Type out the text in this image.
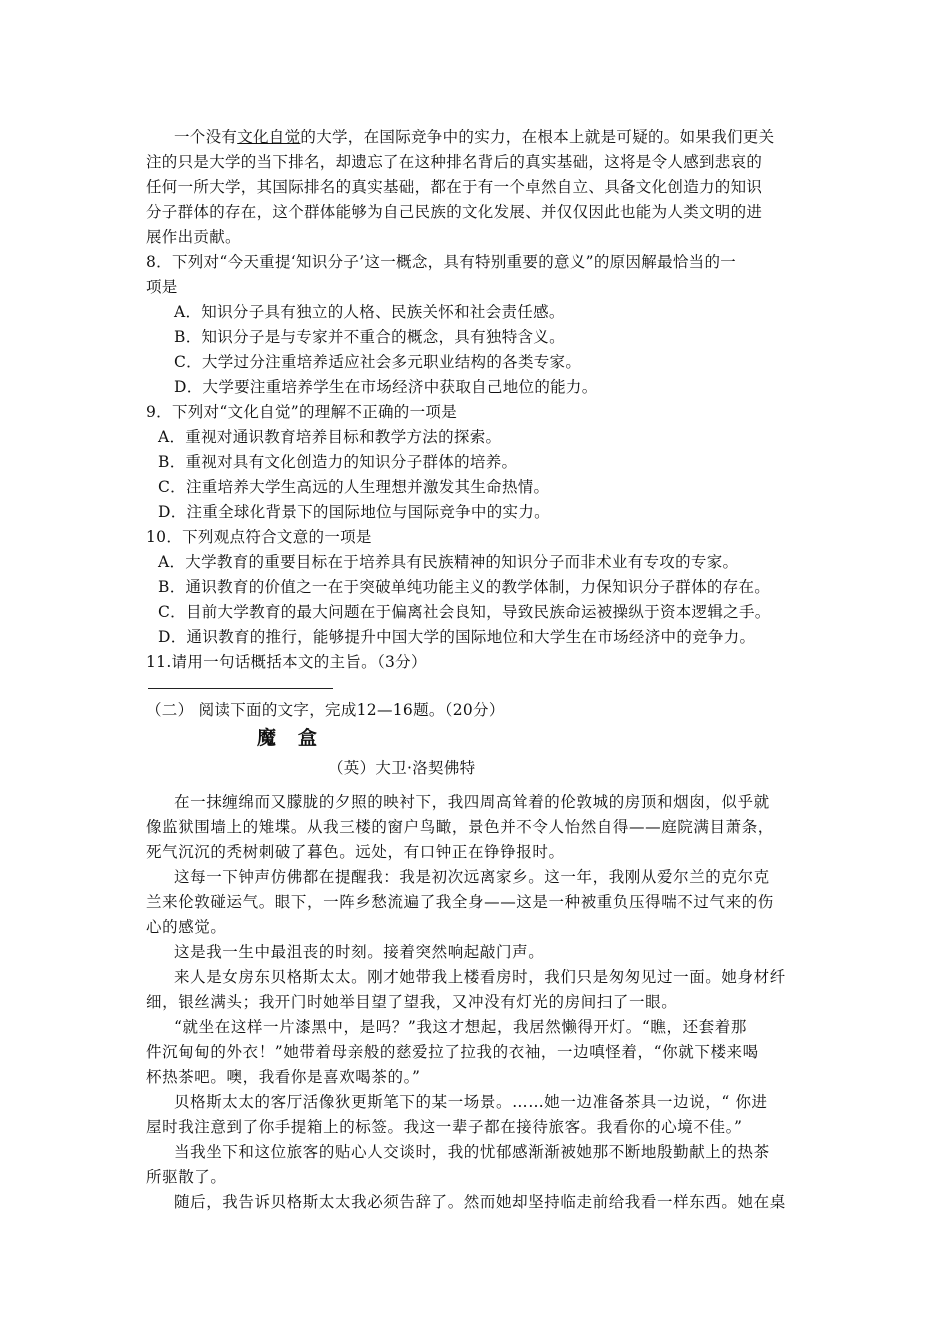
一个没有文化自觉的大学，在国际竞争中的实力，在根本上就是可疑的。如果我们更关
注的只是大学的当下排名，却遗忘了在这种排名背后的真实基础，这将是令人感到悲哀的
任何一所大学，其国际排名的真实基础，都在于有一个卓然自立、具备文化创造力的知识
分子群体的存在，这个群体能够为自己民族的文化发展、并仅仅因此也能为人类文明的进
展作出贡献。
8．下列对“今天重提‘知识分子’这一概念，具有特别重要的意义”的原因解最恰当的一
项是
A．知识分子具有独立的人格、民族关怀和社会责任感。
B．知识分子是与专家并不重合的概念，具有独特含义。
C．大学过分注重培养适应社会多元职业结构的各类专家。
D．大学要注重培养学生在市场经济中获取自己地位的能力。
9．下列对“文化自觉”的理解不正确的一项是
A．重视对通识教育培养目标和教学方法的探索。
B．重视对具有文化创造力的知识分子群体的培养。
C．注重培养大学生高远的人生理想并激发其生命热情。
D．注重全球化背景下的国际地位与国际竞争中的实力。
10．下列观点符合文意的一项是
A．大学教育的重要目标在于培养具有民族精神的知识分子而非术业有专攻的专家。
B．通识教育的价值之一在于突破单纯功能主义的教学体制，力保知识分子群体的存在。
C．目前大学教育的最大问题在于偏离社会良知，导致民族命运被操纵于资本逻辑之手。
D．通识教育的推行，能够提升中国大学的国际地位和大学生在市场经济中的竞争力。
11.请用一句话概括本文的主旨。（3分）
（二） 阅读下面的文字，完成12—16题。（20分）
魔盒
（英）大卫·洛契佛特
在一抹缠绵而又朦胧的夕照的映衬下，我四周高耸着的伦敦城的房顶和烟囱，似乎就
像监狱围墙上的雉堞。从我三楼的窗户鸟瞰，景色并不令人怡然自得——庭院满目萧条，
死气沉沉的秃树刺破了暮色。远处，有口钟正在铮铮报时。
这每一下钟声仿佛都在提醒我：我是初次远离家乡。这一年，我刚从爱尔兰的克尔克
兰来伦敦碰运气。眼下，一阵乡愁流遍了我全身——这是一种被重负压得喘不过气来的伤
心的感觉。
这是我一生中最沮丧的时刻。接着突然响起敲门声。
来人是女房东贝格斯太太。刚才她带我上楼看房时，我们只是匆匆见过一面。她身材纤
细，银丝满头；我开门时她举目望了望我，又冲没有灯光的房间扫了一眼。
“就坐在这样一片漆黑中，是吗？”我这才想起，我居然懒得开灯。“瞧，还套着那
件沉甸甸的外衣！”她带着母亲般的慈爱拉了拉我的衣袖，一边嗔怪着，“你就下楼来喝
杯热茶吧。噢，我看你是喜欢喝茶的。”
贝格斯太太的客厅活像狄更斯笔下的某一场景。……她一边准备茶具一边说，“ 你进
屋时我注意到了你手提箱上的标签。我这一辈子都在接待旅客。我看你的心境不佳。”
当我坐下和这位旅客的贴心人交谈时，我的忧郁感渐渐被她那不断地殷勤献上的热茶
所驱散了。
随后，我告诉贝格斯太太我必须告辞了。然而她却坚持临走前给我看一样东西。她在桌
